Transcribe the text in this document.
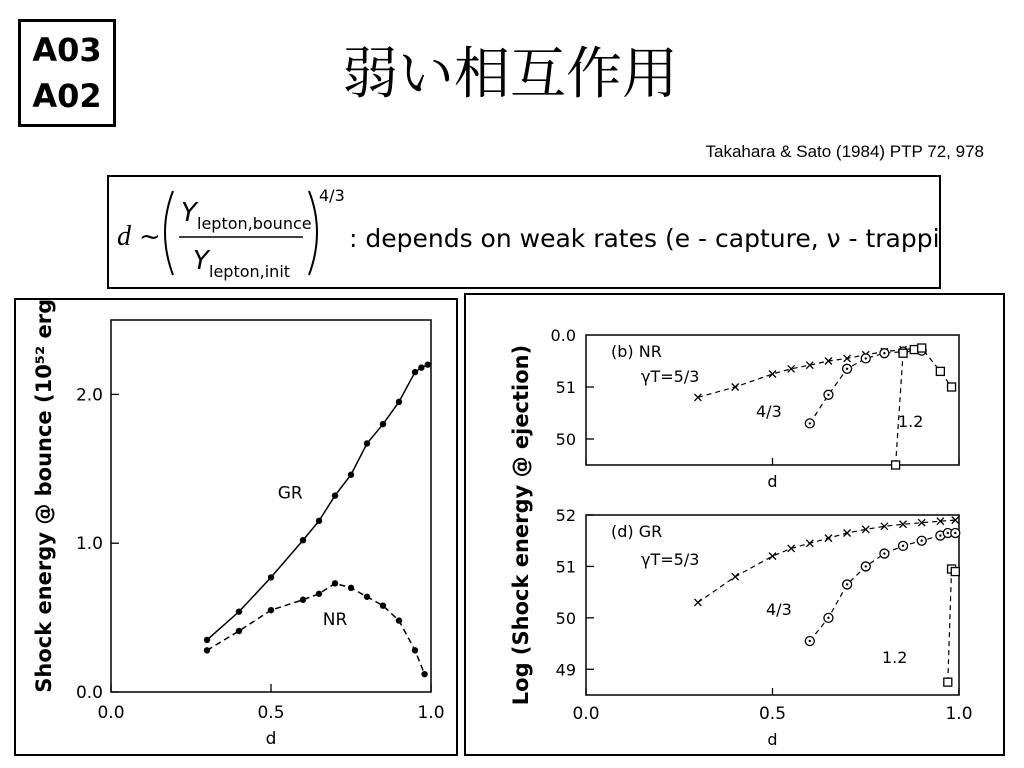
A03
A02	弱い相互作用
Takahara & Sato (1984) PTP 72, 978
d ~
Y lepton,bounce
Y lepton,init
4/3
: depends on weak rates (e - capture, ν - trapping)
0.0	0.5	1.0
0.0
1.0
2.0
d
Shock energy @ bounce (10⁵² erg)	GR
NR	Log (Shock energy @ ejection) 50
51
0.0
d
(b) NR
49
50
51
52
0.0	0.5	1.0
d
(d) GR
γT=5/3
4/3
1.2
γT=5/3
4/3
1.2
